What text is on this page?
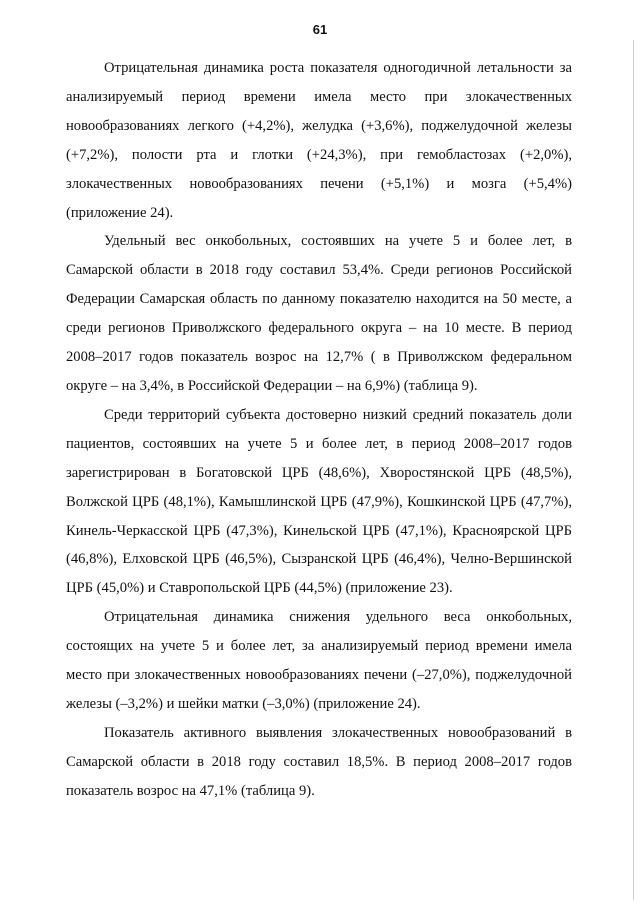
61

Отрицательная динамика роста показателя одногодичной летальности за анализируемый период времени имела место при злокачественных новообразованиях легкого (+4,2%), желудка (+3,6%), поджелудочной железы (+7,2%), полости рта и глотки (+24,3%), при гемобластозах (+2,0%), злокачественных новообразованиях печени (+5,1%) и мозга (+5,4%) (приложение 24).

Удельный вес онкобольных, состоявших на учете 5 и более лет, в Самарской области в 2018 году составил 53,4%. Среди регионов Российской Федерации Самарская область по данному показателю находится на 50 месте, а среди регионов Приволжского федерального округа – на 10 месте. В период 2008–2017 годов показатель возрос на 12,7% ( в Приволжском федеральном округе – на 3,4%, в Российской Федерации – на 6,9%) (таблица 9).

Среди территорий субъекта достоверно низкий средний показатель доли пациентов, состоявших на учете 5 и более лет, в период 2008–2017 годов зарегистрирован в Богатовской ЦРБ (48,6%), Хворостянской ЦРБ (48,5%), Волжской ЦРБ (48,1%), Камышлинской ЦРБ (47,9%), Кошкинской ЦРБ (47,7%), Кинель-Черкасской ЦРБ (47,3%), Кинельской ЦРБ (47,1%), Красноярской ЦРБ (46,8%), Елховской ЦРБ (46,5%), Сызранской ЦРБ (46,4%), Челно-Вершинской ЦРБ (45,0%) и Ставропольской ЦРБ (44,5%) (приложение 23).

Отрицательная динамика снижения удельного веса онкобольных, состоящих на учете 5 и более лет, за анализируемый период времени имела место при злокачественных новообразованиях печени (–27,0%), поджелудочной железы (–3,2%) и шейки матки (–3,0%) (приложение 24).

Показатель активного выявления злокачественных новообразований в Самарской области в 2018 году составил 18,5%. В период 2008–2017 годов показатель возрос на 47,1% (таблица 9).
